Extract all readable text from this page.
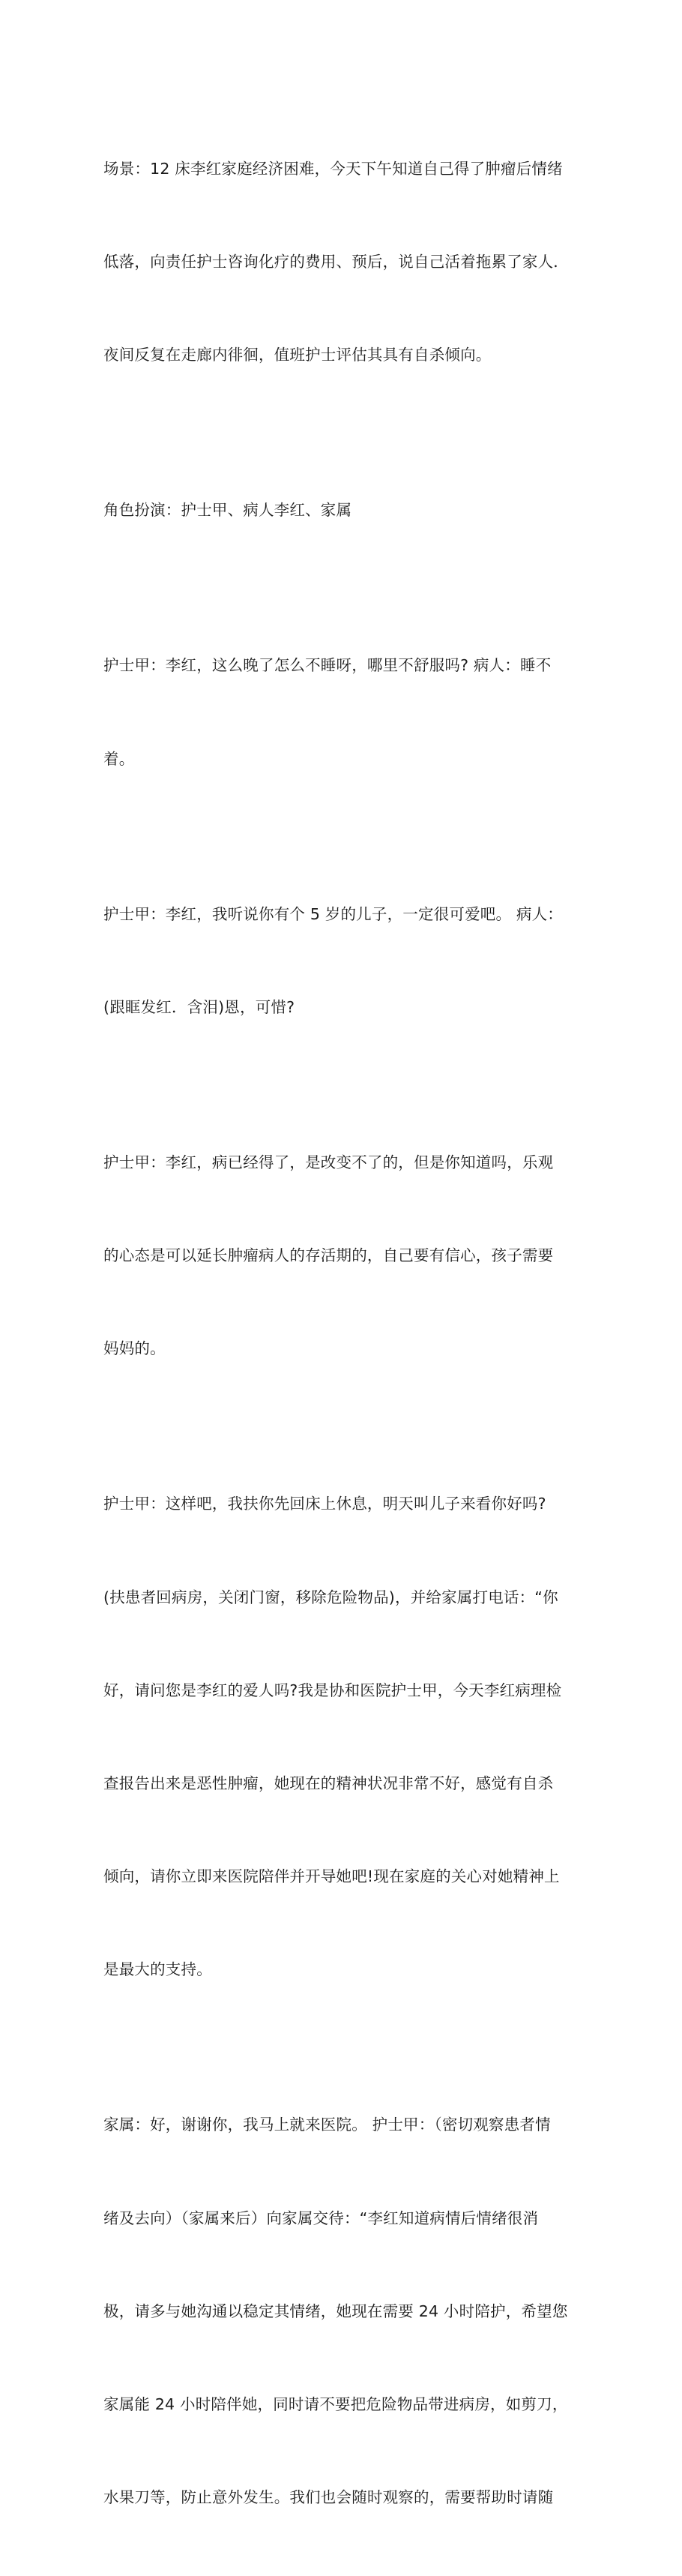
场景：12 床李红家庭经济困难，今天下午知道自己得了肿瘤后情绪

低落，向责任护士咨询化疗的费用、预后，说自己活着拖累了家人．

夜间反复在走廊内徘徊，值班护士评估其具有自杀倾向。

角色扮演：护士甲、病人李红、家属

护士甲：李红，这么晚了怎么不睡呀，哪里不舒服吗? 病人：睡不

着。

护士甲：李红，我听说你有个 5 岁的儿子，一定很可爱吧。 病人：

(跟眶发红．含泪)恩，可惜?

护士甲：李红，病已经得了，是改变不了的，但是你知道吗，乐观

的心态是可以延长肿瘤病人的存活期的，自己要有信心，孩子需要

妈妈的。

护士甲：这样吧，我扶你先回床上休息，明天叫儿子来看你好吗?

(扶患者回病房，关闭门窗，移除危险物品)，并给家属打电话：“你

好，请问您是李红的爱人吗?我是协和医院护士甲，今天李红病理检

查报告出来是恶性肿瘤，她现在的精神状况非常不好，感觉有自杀

倾向，请你立即来医院陪伴并开导她吧!现在家庭的关心对她精神上

是最大的支持。

家属：好，谢谢你，我马上就来医院。 护士甲：（密切观察患者情

绪及去向）（家属来后）向家属交待：“李红知道病情后情绪很消

极，请多与她沟通以稳定其情绪，她现在需要 24 小时陪护，希望您

家属能 24 小时陪伴她，同时请不要把危险物品带进病房，如剪刀，

水果刀等，防止意外发生。我们也会随时观察的，需要帮助时请随
